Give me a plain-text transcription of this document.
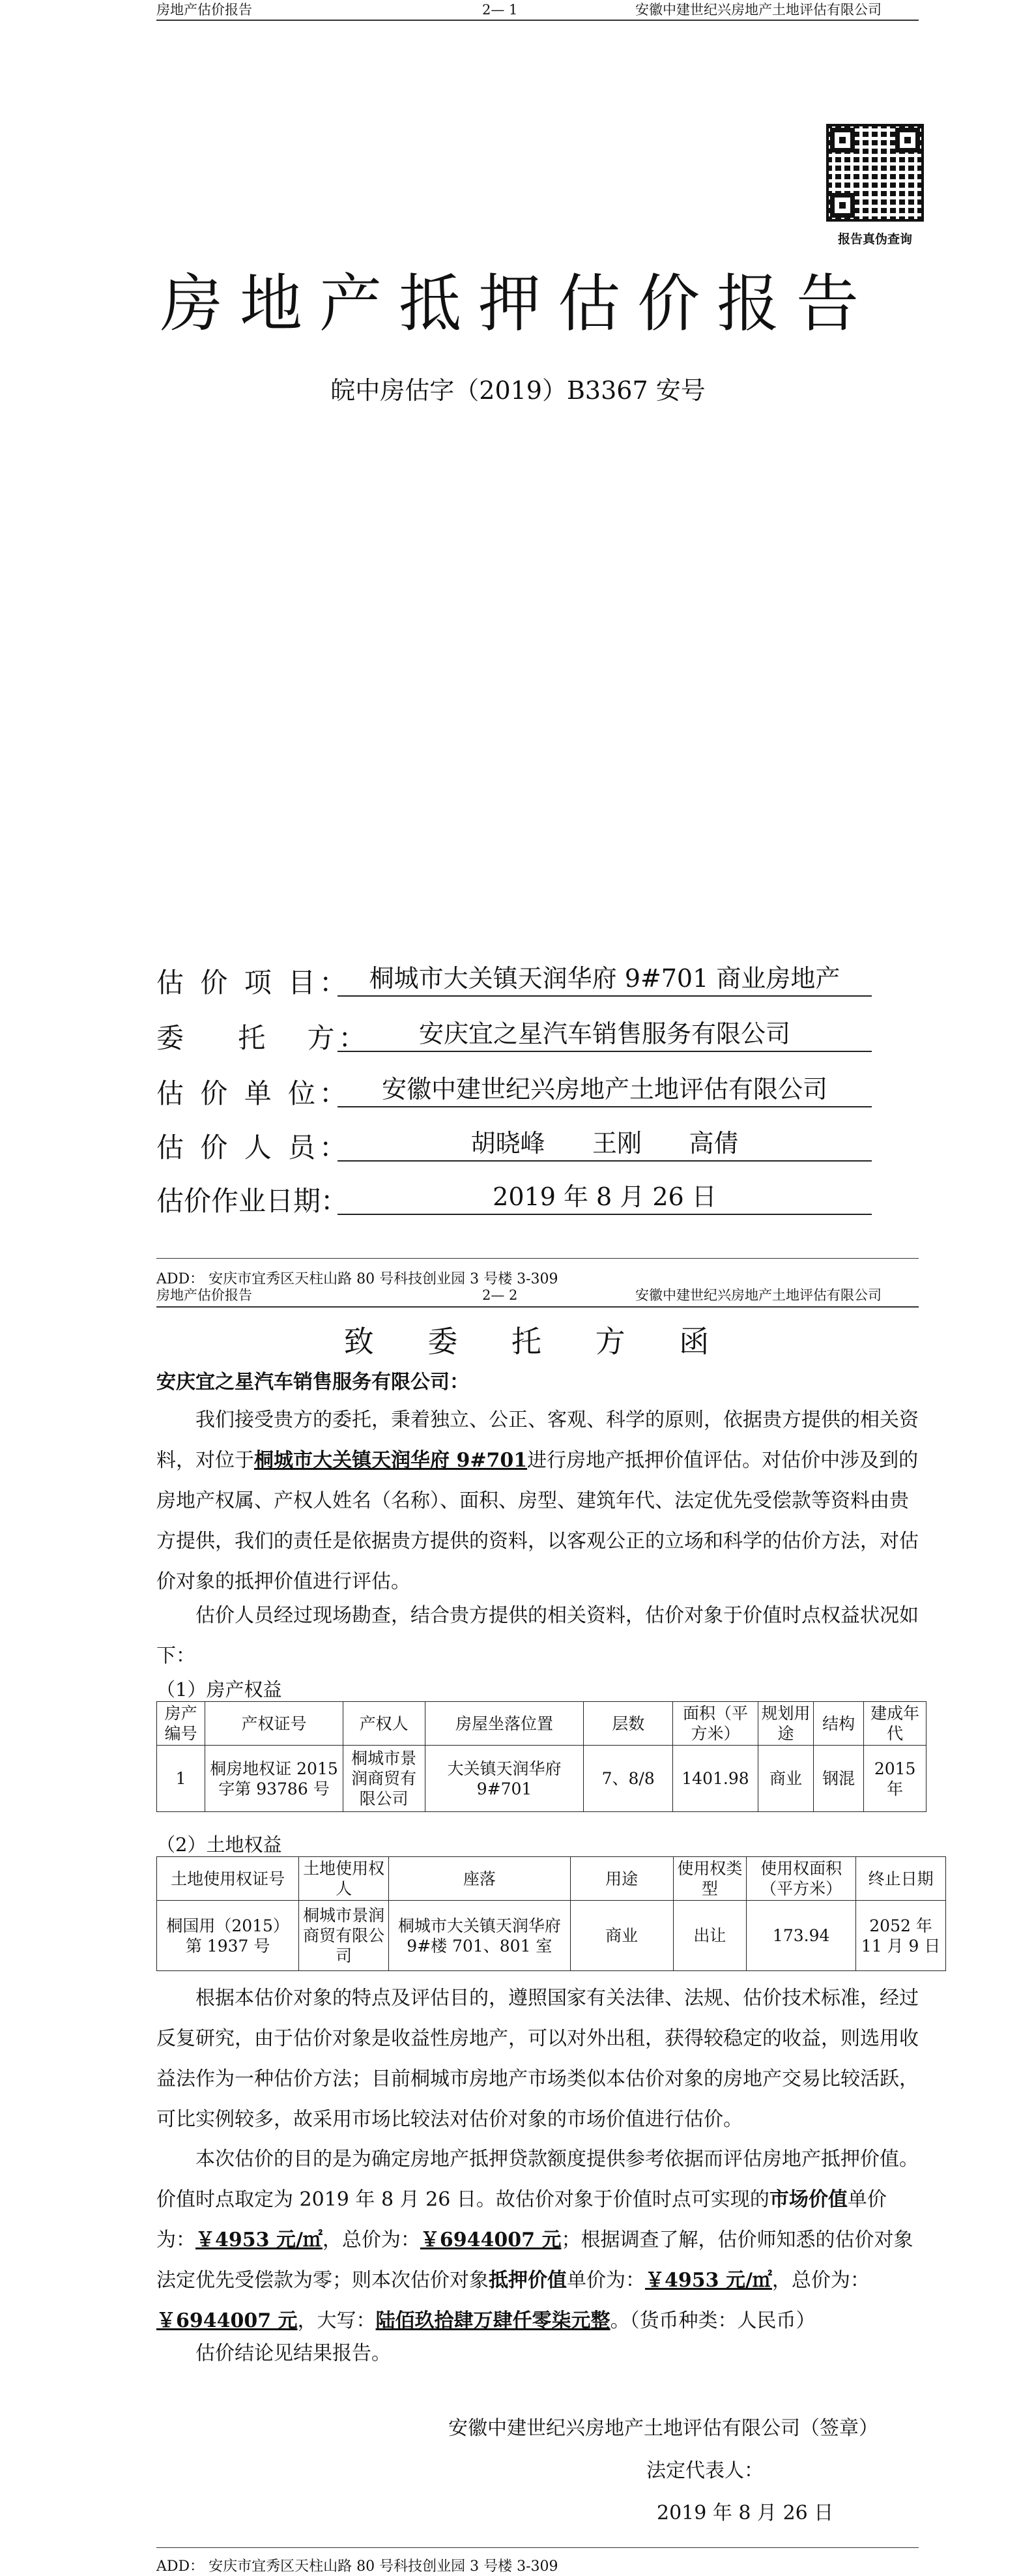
房地产估价报告	2— 1	安徽中建世纪兴房地产土地评估有限公司
报告真伪查询
房地产抵押估价报告
皖中房估字（2019）B3367 安号
估 价 项 目： 桐城市大关镇天润华府 9#701 商业房地产
委    托   方：	安庆宜之星汽车销售服务有限公司
估 价 单 位：	安徽中建世纪兴房地产土地评估有限公司
估 价 人 员：	胡晓峰      王刚      高倩
估价作业日期：	2019 年 8 月 26 日
ADD： 安庆市宜秀区天柱山路 80 号科技创业园 3 号楼 3-309
房地产估价报告	2— 2	安徽中建世纪兴房地产土地评估有限公司
致 委 托 方 函
安庆宜之星汽车销售服务有限公司：
我们接受贵方的委托，秉着独立、公正、客观、科学的原则，依据贵方提供的相关资料，对位于桐城市大关镇天润华府 9#701进行房地产抵押价值评估。对估价中涉及到的房地产权属、产权人姓名（名称）、面积、房型、建筑年代、法定优先受偿款等资料由贵方提供，我们的责任是依据贵方提供的资料，以客观公正的立场和科学的估价方法，对估价对象的抵押价值进行评估。
估价人员经过现场勘查，结合贵方提供的相关资料，估价对象于价值时点权益状况如下：
（1）房产权益
房产编号	产权证号	产权人	房屋坐落位置	层数	面积（平方米）	规划用途	结构	建成年代
1	桐房地权证 2015 字第 93786 号	桐城市景润商贸有限公司	大关镇天润华府 9#701	7、8/8	1401.98	商业	钢混	2015 年
（2）土地权益
土地使用权证号	土地使用权人	座落	用途	使用权类型	使用权面积（平方米）	终止日期
桐国用（2015）第 1937 号	桐城市景润商贸有限公司	桐城市大关镇天润华府 9#楼 701、801 室	商业	出让	173.94	2052 年 11 月 9 日
根据本估价对象的特点及评估目的，遵照国家有关法律、法规、估价技术标准，经过反复研究，由于估价对象是收益性房地产，可以对外出租，获得较稳定的收益，则选用收益法作为一种估价方法；目前桐城市房地产市场类似本估价对象的房地产交易比较活跃，可比实例较多，故采用市场比较法对估价对象的市场价值进行估价。
本次估价的目的是为确定房地产抵押贷款额度提供参考依据而评估房地产抵押价值。价值时点取定为 2019 年 8 月 26 日。故估价对象于价值时点可实现的市场价值单价为：￥4953 元/㎡，总价为：￥6944007 元；根据调查了解，估价师知悉的估价对象法定优先受偿款为零；则本次估价对象抵押价值单价为：￥4953 元/㎡，总价为：￥6944007 元，大写：陆佰玖拾肆万肆仟零柒元整。（货币种类：人民币）
估价结论见结果报告。
安徽中建世纪兴房地产土地评估有限公司（签章）
法定代表人：
2019 年 8 月 26 日
ADD： 安庆市宜秀区天柱山路 80 号科技创业园 3 号楼 3-309
